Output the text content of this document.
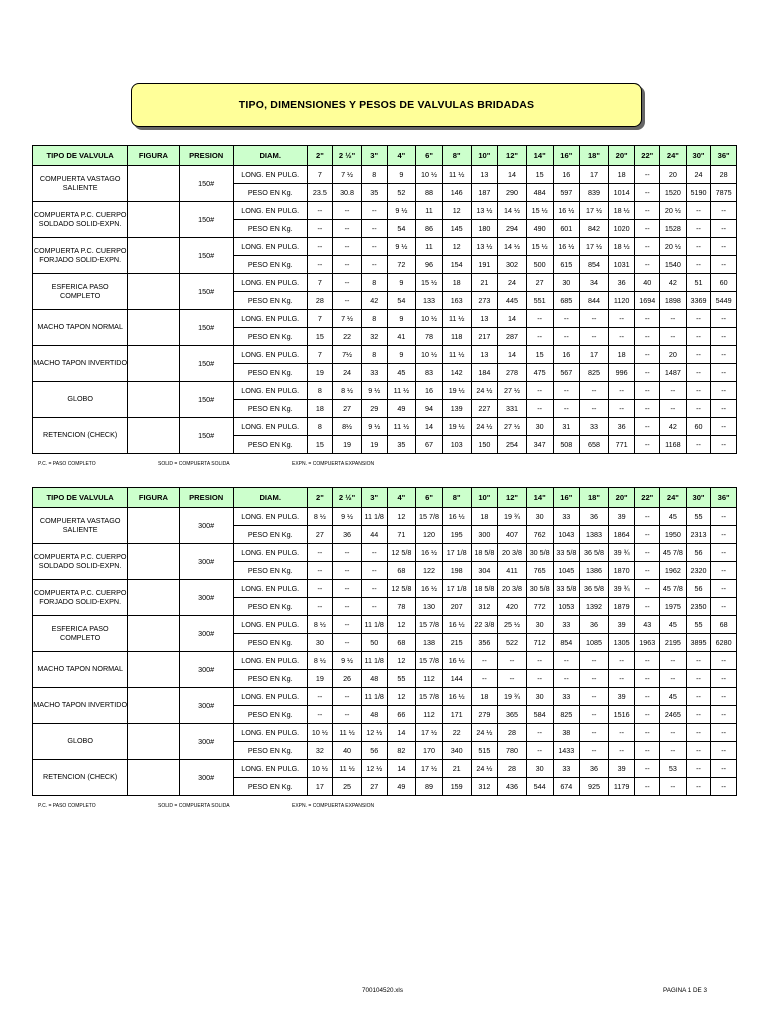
TIPO, DIMENSIONES Y PESOS DE VALVULAS BRIDADAS
TIPO DE VALVULA	FIGURA	PRESION	DIAM.	2"	2 ½"	3"	4"	6"	8"	10"	12"	14"	16"	18"	20"	22"	24"	30"	36"
COMPUERTA VASTAGO SALIENTE		150#	LONG. EN PULG.	7	7 ½	8	9	10 ½	11 ½	13	14	15	16	17	18	--	20	24	28
			PESO EN Kg.	23.5	30.8	35	52	88	146	187	290	484	597	839	1014	--	1520	5190	7875
COMPUERTA P.C. CUERPO SOLDADO SOLID-EXPN.		150#	LONG. EN PULG.	--	--	--	9 ½	11	12	13 ½	14 ½	15 ½	16 ½	17 ½	18 ½	--	20 ½	--	--
			PESO EN Kg.	--	--	--	54	86	145	180	294	490	601	842	1020	--	1528	--	--
COMPUERTA P.C. CUERPO FORJADO SOLID-EXPN.		150#	LONG. EN PULG.	--	--	--	9 ½	11	12	13 ½	14 ½	15 ½	16 ½	17 ½	18 ½	--	20 ½	--	--
			PESO EN Kg.	--	--	--	72	96	154	191	302	500	615	854	1031	--	1540	--	--
ESFERICA PASO COMPLETO		150#	LONG. EN PULG.	7	--	8	9	15 ½	18	21	24	27	30	34	36	40	42	51	60
			PESO EN Kg.	28	--	42	54	133	163	273	445	551	685	844	1120	1694	1898	3369	5449
MACHO TAPON NORMAL		150#	LONG. EN PULG.	7	7 ½	8	9	10 ½	11 ½	13	14	--	--	--	--	--	--	--	--
			PESO EN Kg.	15	22	32	41	78	118	217	287	--	--	--	--	--	--	--	--
MACHO TAPON INVERTIDO		150#	LONG. EN PULG.	7	7½	8	9	10 ½	11 ½	13	14	15	16	17	18	--	20	--	--
			PESO EN Kg.	19	24	33	45	83	142	184	278	475	567	825	996	--	1487	--	--
GLOBO		150#	LONG. EN PULG.	8	8 ½	9 ½	11 ½	16	19 ½	24 ½	27 ½	--	--	--	--	--	--	--	--
			PESO EN Kg.	18	27	29	49	94	139	227	331	--	--	--	--	--	--	--	--
RETENCION (CHECK)		150#	LONG. EN PULG.	8	8½	9 ½	11 ½	14	19 ½	24 ½	27 ½	30	31	33	36	--	42	60	--
			PESO EN Kg.	15	19	19	35	67	103	150	254	347	508	658	771	--	1168	--	--
P.C. = PASO COMPLETO	SOLID = COMPUERTA SOLIDA	EXPN. = COMPUERTA EXPANSION
TIPO DE VALVULA	FIGURA	PRESION	DIAM.	2"	2 ½"	3"	4"	6"	8"	10"	12"	14"	16"	18"	20"	22"	24"	30"	36"
COMPUERTA VASTAGO SALIENTE		300#	LONG. EN PULG.	8 ½	9 ½	11 1/8	12	15 7/8	16 ½	18	19 ¾	30	33	36	39	--	45	55	--
			PESO EN Kg.	27	36	44	71	120	195	300	407	762	1043	1383	1864	--	1950	2313	--
COMPUERTA P.C. CUERPO SOLDADO SOLID-EXPN.		300#	LONG. EN PULG.	--	--	--	12 5/8	16 ½	17 1/8	18 5/8	20 3/8	30 5/8	33 5/8	36 5/8	39 ¾	--	45 7/8	56	--
			PESO EN Kg.	--	--	--	68	122	198	304	411	765	1045	1386	1870	--	1962	2320	--
COMPUERTA P.C. CUERPO FORJADO SOLID-EXPN.		300#	LONG. EN PULG.	--	--	--	12 5/8	16 ½	17 1/8	18 5/8	20 3/8	30 5/8	33 5/8	36 5/8	39 ¾	--	45 7/8	56	--
			PESO EN Kg.	--	--	--	78	130	207	312	420	772	1053	1392	1879	--	1975	2350	--
ESFERICA PASO COMPLETO		300#	LONG. EN PULG.	8 ½	--	11 1/8	12	15 7/8	16 ½	22 3/8	25 ½	30	33	36	39	43	45	55	68
			PESO EN Kg.	30	--	50	68	138	215	356	522	712	854	1085	1305	1963	2195	3895	6280
MACHO TAPON NORMAL		300#	LONG. EN PULG.	8 ½	9 ½	11 1/8	12	15 7/8	16 ½	--	--	--	--	--	--	--	--	--	--
			PESO EN Kg.	19	26	48	55	112	144	--	--	--	--	--	--	--	--	--	--
MACHO TAPON INVERTIDO		300#	LONG. EN PULG.	--	--	11 1/8	12	15 7/8	16 ½	18	19 ¾	30	33	--	39	--	45	--	--
			PESO EN Kg.	--	--	48	66	112	171	279	365	584	825	--	1516	--	2465	--	--
GLOBO		300#	LONG. EN PULG.	10 ½	11 ½	12 ½	14	17 ½	22	24 ½	28	--	38	--	--	--	--	--	--
			PESO EN Kg.	32	40	56	82	170	340	515	780	--	1433	--	--	--	--	--	--
RETENCION (CHECK)		300#	LONG. EN PULG.	10 ½	11 ½	12 ½	14	17 ½	21	24 ½	28	30	33	36	39	--	53	--	--
			PESO EN Kg.	17	25	27	49	89	159	312	436	544	674	925	1179	--	--	--	--
P.C. = PASO COMPLETO	SOLID = COMPUERTA SOLIDA	EXPN. = COMPUERTA EXPANSION
700104520.xls	PAGINA 1 DE 3
